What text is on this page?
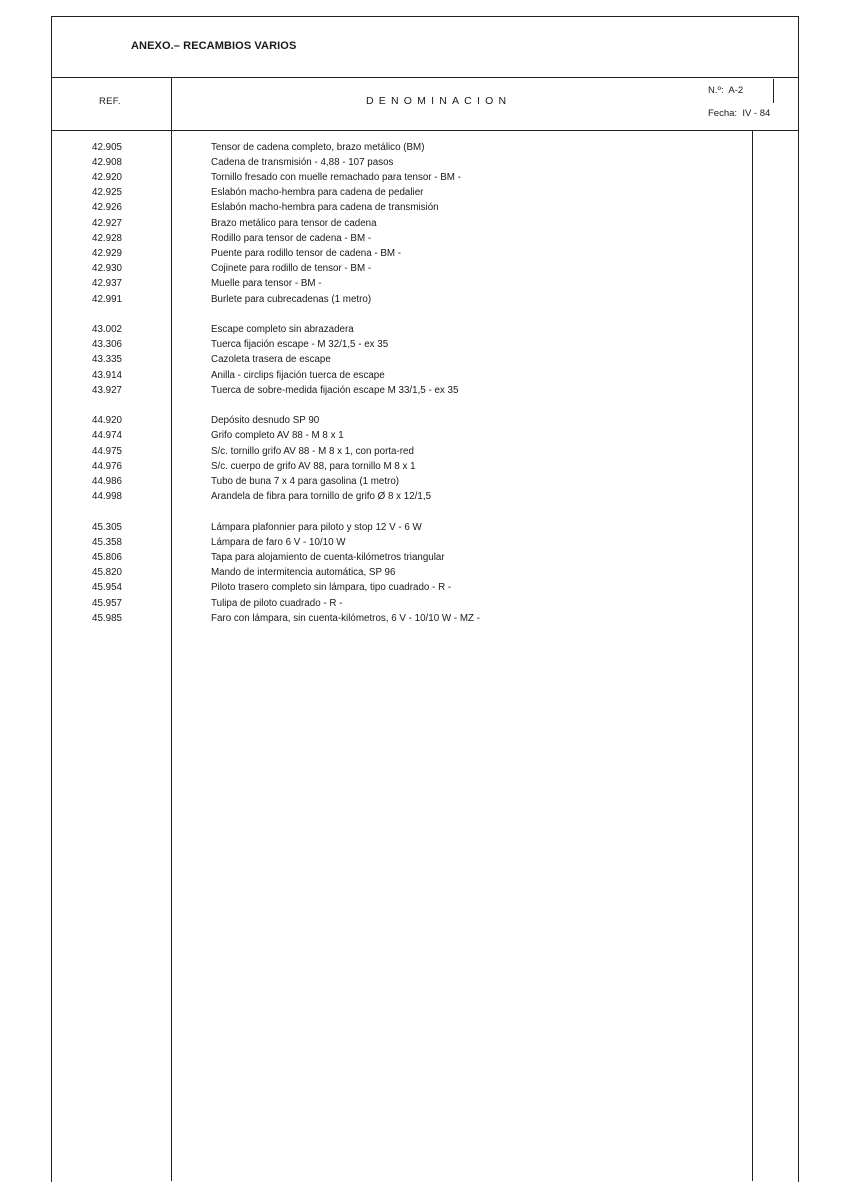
ANEXO.– RECAMBIOS VARIOS
REF.	DENOMINACION
N.º:  A-2
Fecha:  IV - 84
42.905	Tensor de cadena completo, brazo metálico (BM)
42.908	Cadena de transmisión - 4,88 - 107 pasos
42.920	Tornillo fresado con muelle remachado para tensor - BM -
42.925	Eslabón macho-hembra para cadena de pedalier
42.926	Eslabón macho-hembra para cadena de transmisión
42.927	Brazo metálico para tensor de cadena
42.928	Rodillo para tensor de cadena - BM -
42.929	Puente para rodillo tensor de cadena - BM -
42.930	Cojinete para rodillo de tensor - BM -
42.937	Muelle para tensor - BM -
42.991	Burlete para cubrecadenas (1 metro)
43.002	Escape completo sin abrazadera
43.306	Tuerca fijación escape - M 32/1,5 - ex 35
43.335	Cazoleta trasera de escape
43.914	Anilla - circlips fijación tuerca de escape
43.927	Tuerca de sobre-medida fijación escape M 33/1,5 - ex 35
44.920	Depósito desnudo SP 90
44.974	Grifo completo AV 88 - M 8 x 1
44.975	S/c. tornillo grifo AV 88 - M 8 x 1, con porta-red
44.976	S/c. cuerpo de grifo AV 88, para tornillo M 8 x 1
44.986	Tubo de buna 7 x 4 para gasolina (1 metro)
44.998	Arandela de fibra para tornillo de grifo Ø 8 x 12/1,5
45.305	Lámpara plafonnier para piloto y stop 12 V - 6 W
45.358	Lámpara de faro 6 V - 10/10 W
45.806	Tapa para alojamiento de cuenta-kilómetros triangular
45.820	Mando de intermitencia automática, SP 96
45.954	Piloto trasero completo sin lámpara, tipo cuadrado - R -
45.957	Tulipa de piloto cuadrado - R -
45.985	Faro con lámpara, sin cuenta-kilómetros, 6 V - 10/10 W - MZ -
